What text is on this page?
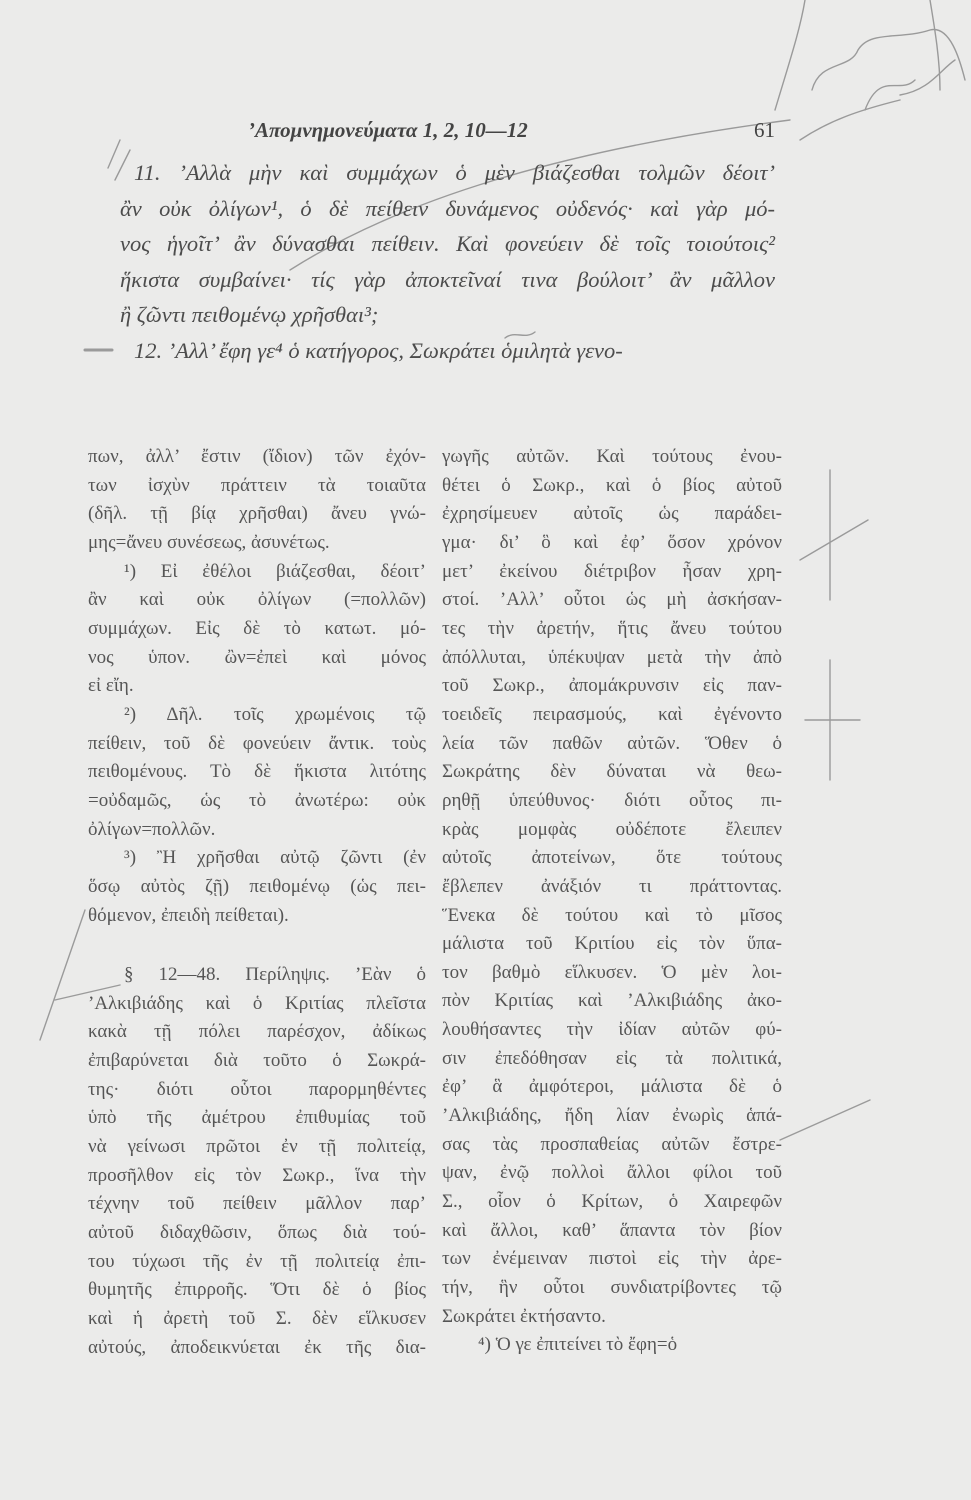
’Απομνημονεύματα 1, 2, 10—12	61
11. ’Αλλὰ μὴν καὶ συμμάχων ὁ μὲν βιάζεσθαι τολμῶν δέοιτ’
ἂν οὐκ ὀλίγων¹, ὁ δὲ πείθειν δυνάμενος οὐδενός· καὶ γὰρ μό-
νος ἡγοῖτ’ ἂν δύνασθαι πείθειν. Καὶ φονεύειν δὲ τοῖς τοιούτοις²
ἥκιστα συμβαίνει· τίς γὰρ ἀποκτεῖναί τινα βούλοιτ’ ἂν μᾶλλον
ἢ ζῶντι πειθομένῳ χρῆσθαι³;
12. ’Αλλ’ ἔφη γε⁴ ὁ κατήγορος, Σωκράτει ὁμιλητὰ γενο-
πων, ἀλλ’ ἔστιν (ἴδιον) τῶν ἐχόν-
των ἰσχὺν πράττειν τὰ τοιαῦτα
(δῆλ. τῇ βίᾳ χρῆσθαι) ἄνευ γνώ-
μης=ἄνευ συνέσεως, ἀσυνέτως.
¹) Εἰ ἐθέλοι βιάζεσθαι, δέοιτ’
ἂν καὶ οὐκ ὀλίγων (=πολλῶν)
συμμάχων. Εἰς δὲ τὸ κατωτ. μό-
νος ὑπον. ὢν=ἐπεὶ καὶ μόνος
εἰ εἴη.
²) Δῆλ. τοῖς χρωμένοις τῷ
πείθειν, τοῦ δὲ φονεύειν ἄντικ. τοὺς
πειθομένους. Τὸ δὲ ἥκιστα λιτότης
=οὐδαμῶς, ὡς τὸ ἀνωτέρω: οὐκ
ὀλίγων=πολλῶν.
³) Ἢ χρῆσθαι αὐτῷ ζῶντι (ἐν
ὅσῳ αὐτὸς ζῇ) πειθομένῳ (ὡς πει-
θόμενον, ἐπειδὴ πείθεται).
§ 12—48. Περίληψις. ’Εὰν ὁ
’Αλκιβιάδης καὶ ὁ Κριτίας πλεῖστα
κακὰ τῇ πόλει παρέσχον, ἀδίκως
ἐπιβαρύνεται διὰ τοῦτο ὁ Σωκρά-
της· διότι οὗτοι παρορμηθέντες
ὑπὸ τῆς ἀμέτρου ἐπιθυμίας τοῦ
νὰ γείνωσι πρῶτοι ἐν τῇ πολιτείᾳ,
προσῆλθον εἰς τὸν Σωκρ., ἵνα τὴν
τέχνην τοῦ πείθειν μᾶλλον παρ’
αὐτοῦ διδαχθῶσιν, ὅπως διὰ τού-
του τύχωσι τῆς ἐν τῇ πολιτείᾳ ἐπι-
θυμητῆς ἐπιρροῆς. Ὅτι δὲ ὁ βίος
καὶ ἡ ἀρετὴ τοῦ Σ. δὲν εἵλκυσεν
αὐτούς, ἀποδεικνύεται ἐκ τῆς δια-
γωγῆς αὐτῶν. Καὶ τούτους ἐνου-
θέτει ὁ Σωκρ., καὶ ὁ βίος αὐτοῦ
ἐχρησίμευεν αὐτοῖς ὡς παράδει-
γμα· δι’ ὃ καὶ ἐφ’ ὅσον χρόνον
μετ’ ἐκείνου διέτριβον ἦσαν χρη-
στοί. ’Αλλ’ οὗτοι ὡς μὴ ἀσκήσαν-
τες τὴν ἀρετήν, ἥτις ἄνευ τούτου
ἀπόλλυται, ὑπέκυψαν μετὰ τὴν ἀπὸ
τοῦ Σωκρ., ἀπομάκρυνσιν εἰς παν-
τοειδεῖς πειρασμούς, καὶ ἐγένοντο
λεία τῶν παθῶν αὐτῶν. Ὅθεν ὁ
Σωκράτης δὲν δύναται νὰ θεω-
ρηθῇ ὑπεύθυνος· διότι οὗτος πι-
κρὰς μομφὰς οὐδέποτε ἔλειπεν
αὐτοῖς ἀποτείνων, ὅτε τούτους
ἔβλεπεν ἀνάξιόν τι πράττοντας.
Ἕνεκα δὲ τούτου καὶ τὸ μῖσος
μάλιστα τοῦ Κριτίου εἰς τὸν ὕπα-
τον βαθμὸ εἵλκυσεν. Ὁ μὲν λοι-
πὸν Κριτίας καὶ ’Αλκιβιάδης ἀκο-
λουθήσαντες τὴν ἰδίαν αὐτῶν φύ-
σιν ἐπεδόθησαν εἰς τὰ πολιτικά,
ἐφ’ ἃ ἀμφότεροι, μάλιστα δὲ ὁ
’Αλκιβιάδης, ἤδη λίαν ἐνωρὶς ἁπά-
σας τὰς προσπαθείας αὐτῶν ἔστρε-
ψαν, ἐνῷ πολλοὶ ἄλλοι φίλοι τοῦ
Σ., οἷον ὁ Κρίτων, ὁ Χαιρεφῶν
καὶ ἄλλοι, καθ’ ἅπαντα τὸν βίον
των ἐνέμειναν πιστοὶ εἰς τὴν ἀρε-
τήν, ἣν οὗτοι συνδιατρίβοντες τῷ
Σωκράτει ἐκτήσαντο.
⁴) Ὁ γε ἐπιτείνει τὸ ἔφη=ὁ
